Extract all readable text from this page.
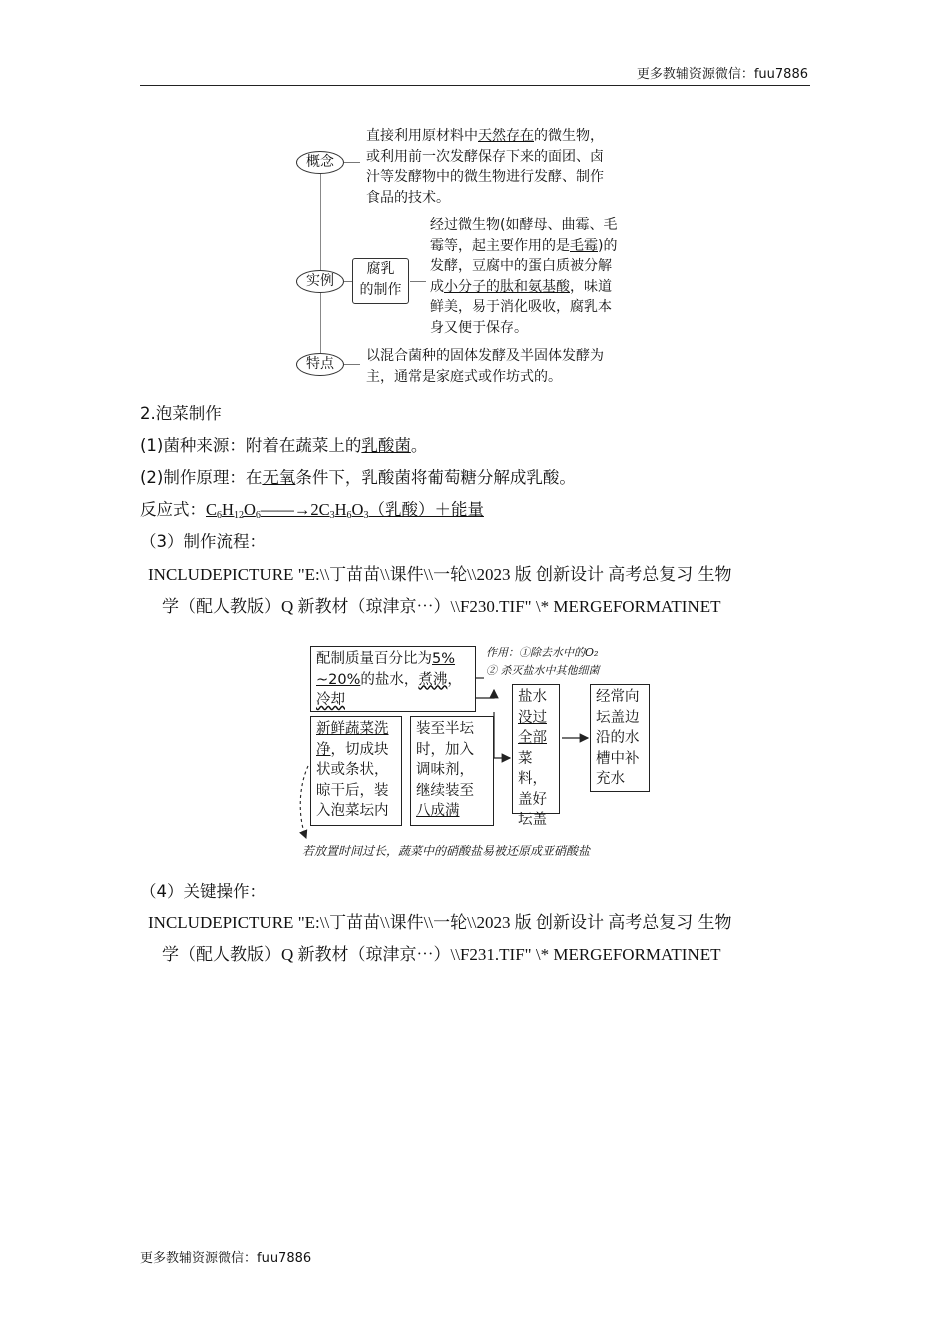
更多教辅资源微信：fuu7886
更多教辅资源微信：fuu7886
概念
直接利用原材料中天然存在的微生物，
或利用前一次发酵保存下来的面团、卤
汁等发酵物中的微生物进行发酵、制作
食品的技术。
实例
腐乳
的制作
经过微生物(如酵母、曲霉、毛
霉等，起主要作用的是毛霉)的
发酵，豆腐中的蛋白质被分解
成小分子的肽和氨基酸，味道
鲜美，易于消化吸收，腐乳本
身又便于保存。
特点	以混合菌种的固体发酵及半固体发酵为
主，通常是家庭式或作坊式的。
2.泡菜制作
(1)菌种来源：附着在蔬菜上的乳酸菌。
(2)制作原理：在无氧条件下，乳酸菌将葡萄糖分解成乳酸。
反应式：$C_6H_{12}O_6——\to 2C_3H_6O_3$（乳酸）＋能量
（3）制作流程：
INCLUDEPICTURE "E:\\丁苗苗\\课件\\一轮\\2023 版 创新设计 高考总复习 生物
学（配人教版）Q 新教材（琼津京⋯）\\F230.TIF" \* MERGEFORMATINET
配制质量百分比为5%
~20%的盐水，煮沸，
冷却
作用：①除去水中的O₂
② 杀灭盐水中其他细菌
新鲜蔬菜洗
净，切成块
状或条状，
晾干后，装
入泡菜坛内
装至半坛
时，加入
调味剂，
继续装至
八成满
盐水
没过
全部
菜料，
盖好
坛盖
经常向
坛盖边
沿的水
槽中补
充水
若放置时间过长，蔬菜中的硝酸盐易被还原成亚硝酸盐
（4）关键操作：
INCLUDEPICTURE "E:\\丁苗苗\\课件\\一轮\\2023 版 创新设计 高考总复习 生物
学（配人教版）Q 新教材（琼津京⋯）\\F231.TIF" \* MERGEFORMATINET
